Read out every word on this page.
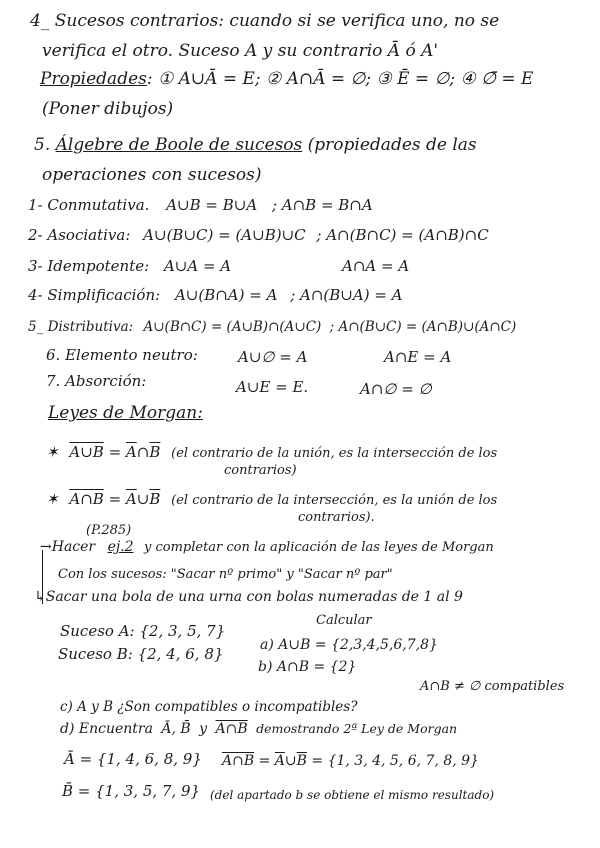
4_ Sucesos contrarios: cuando si se verifica uno, no se
verifica el otro. Suceso A y su contrario Ā ó A'
Propiedades: ① A∪Ā = E; ② A∩Ā = ∅; ③ Ē = ∅; ④ ∅̄ = E
(Poner dibujos)
5. Álgebre de Boole de sucesos (propiedades de las
operaciones con sucesos)
1- Conmutativa. A∪B = B∪A ; A∩B = B∩A
2- Asociativa: A∪(B∪C) = (A∪B)∪C ; A∩(B∩C) = (A∩B)∩C
3- Idempotente: A∪A = A	A∩A = A
4- Simplificación: A∪(B∩A) = A ; A∩(B∪A) = A
5_ Distributiva: A∪(B∩C) = (A∪B)∩(A∪C) ; A∩(B∪C) = (A∩B)∪(A∩C)
6. Elemento neutro:	A∪∅ = A	A∩E = A
7. Absorción:	A∪E = E.	A∩∅ = ∅
Leyes de Morgan:
✶ A∪B = $\overline{A}\cap\overline{B}$ (el contrario de la unión, es la intersección de los
contrarios)
✶ A∩B = $\overline{A}\cup\overline{B}$ (el contrario de la intersección, es la unión de los
contrarios).
(P.285)
→Hacer ej.2 y completar con la aplicación de las leyes de Morgan
Con los sucesos: "Sacar nº primo" y "Sacar nº par"
↳Sacar una bola de una urna con bolas numeradas de 1 al 9
Calcular
Suceso A: {2, 3, 5, 7}
Suceso B: {2, 4, 6, 8}	a) A∪B = {2,3,4,5,6,7,8}
b) A∩B = {2}
c) A y B ¿Son compatibles o incompatibles?
A∩B ≠ ∅ compatibles
d) Encuentra Ā, B̄ y A∩B demostrando 2ª Ley de Morgan
Ā = {1, 4, 6, 8, 9} A∩B = $\overline{A}\cup\overline{B} = \{1$, 3, 4, 5, 6, 7, 8, 9}
B̄ = {1, 3, 5, 7, 9} (del apartado b se obtiene el mismo resultado)
